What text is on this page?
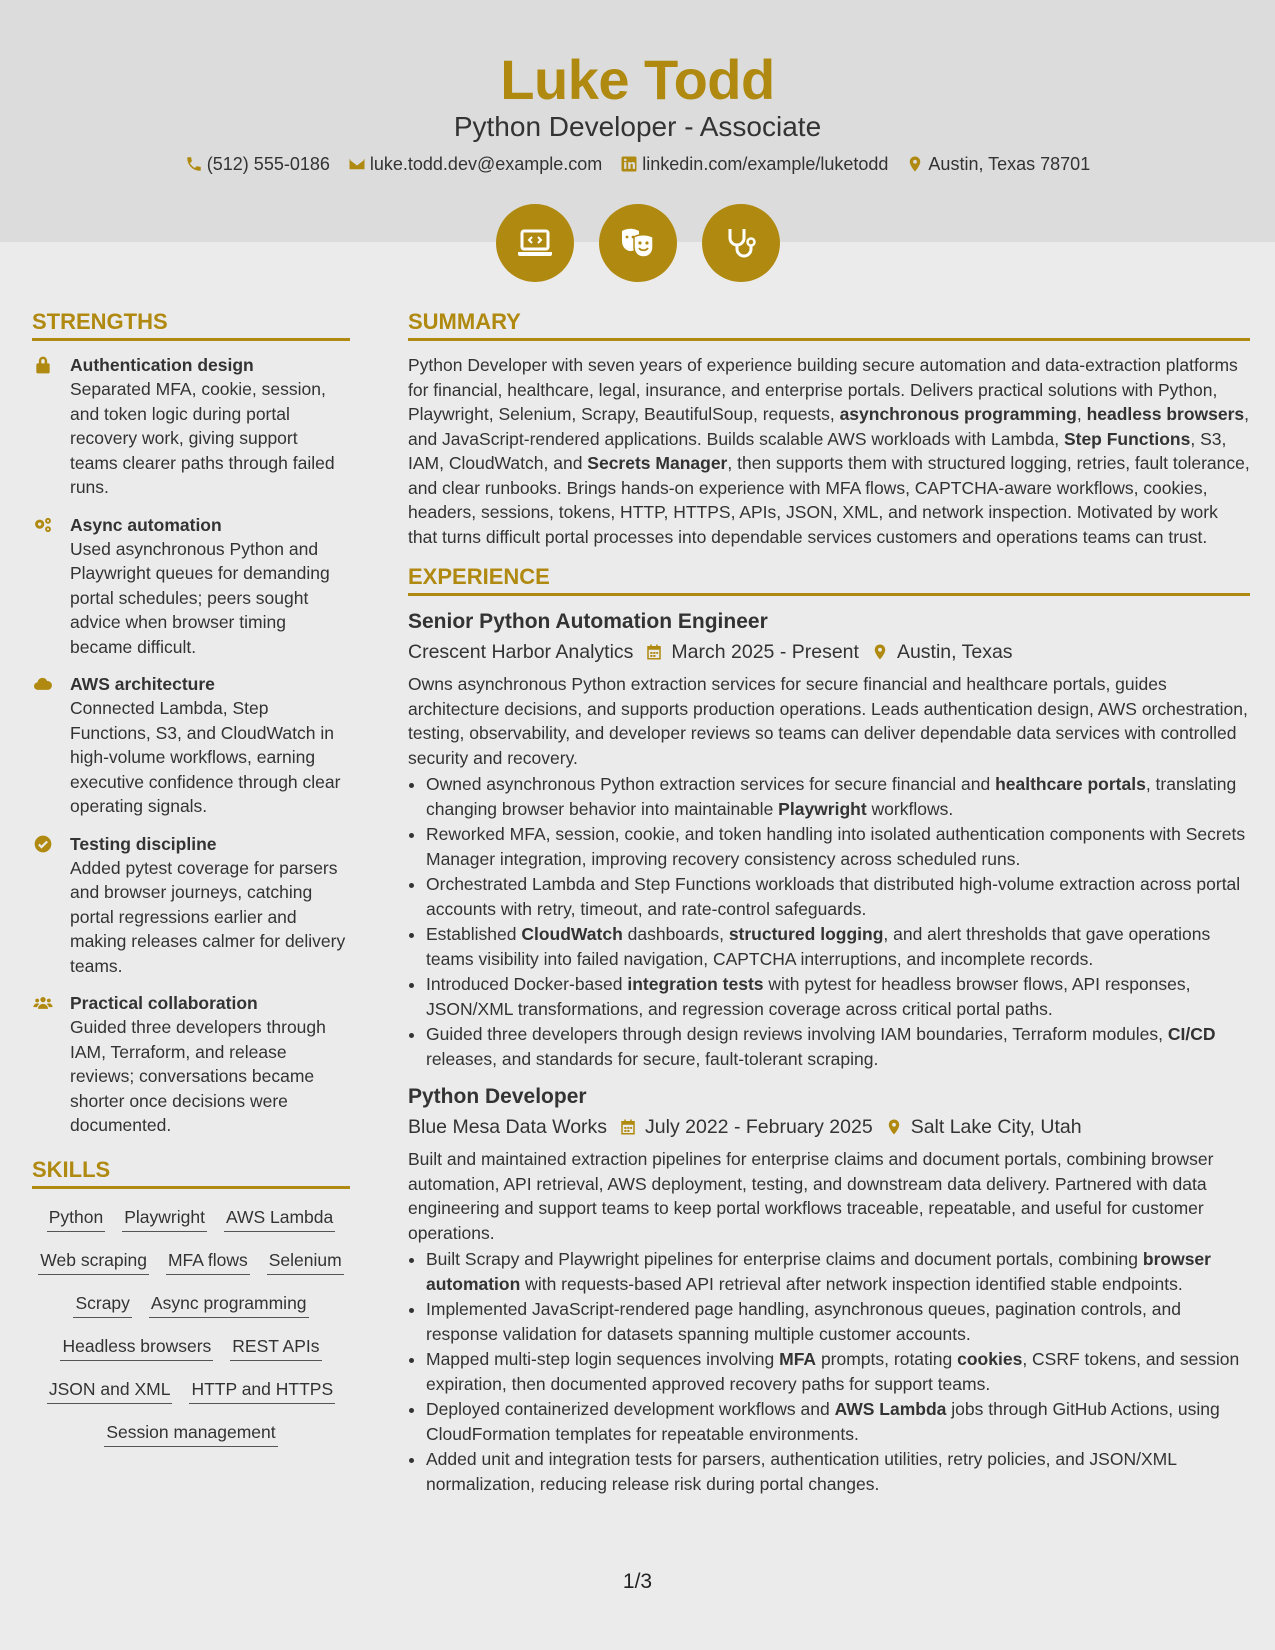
Luke Todd
Python Developer - Associate
(512) 555-0186 luke.todd.dev@example.com linkedin.com/example/luketodd Austin, Texas 78701
STRENGTHS
Authentication design
Separated MFA, cookie, session, and token logic during portal recovery work, giving support teams clearer paths through failed runs.
Async automation
Used asynchronous Python and Playwright queues for demanding portal schedules; peers sought advice when browser timing became difficult.
AWS architecture
Connected Lambda, Step Functions, S3, and CloudWatch in high-volume workflows, earning executive confidence through clear operating signals.
Testing discipline
Added pytest coverage for parsers and browser journeys, catching portal regressions earlier and making releases calmer for delivery teams.
Practical collaboration
Guided three developers through IAM, Terraform, and release reviews; conversations became shorter once decisions were documented.
SKILLS
Python Playwright AWS Lambda
Web scraping MFA flows Selenium
Scrapy Async programming
Headless browsers REST APIs
JSON and XML HTTP and HTTPS
Session management
SUMMARY

Python Developer with seven years of experience building secure automation and data-extraction platforms for financial, healthcare, legal, insurance, and enterprise portals. Delivers practical solutions with Python, Playwright, Selenium, Scrapy, BeautifulSoup, requests, asynchronous programming, headless browsers, and JavaScript-rendered applications. Builds scalable AWS workloads with Lambda, Step Functions, S3, IAM, CloudWatch, and Secrets Manager, then supports them with structured logging, retries, fault tolerance, and clear runbooks. Brings hands-on experience with MFA flows, CAPTCHA-aware workflows, cookies, headers, sessions, tokens, HTTP, HTTPS, APIs, JSON, XML, and network inspection. Motivated by work that turns difficult portal processes into dependable services customers and operations teams can trust.

EXPERIENCE
Senior Python Automation Engineer
Crescent Harbor Analytics March 2025 - Present Austin, Texas

Owns asynchronous Python extraction services for secure financial and healthcare portals, guides architecture decisions, and supports production operations. Leads authentication design, AWS orchestration, testing, observability, and developer reviews so teams can deliver dependable data services with controlled security and recovery.

• Owned asynchronous Python extraction services for secure financial and healthcare portals, translating changing browser behavior into maintainable Playwright workflows.
• Reworked MFA, session, cookie, and token handling into isolated authentication components with Secrets Manager integration, improving recovery consistency across scheduled runs.
• Orchestrated Lambda and Step Functions workloads that distributed high-volume extraction across portal accounts with retry, timeout, and rate-control safeguards.
• Established CloudWatch dashboards, structured logging, and alert thresholds that gave operations teams visibility into failed navigation, CAPTCHA interruptions, and incomplete records.
• Introduced Docker-based integration tests with pytest for headless browser flows, API responses, JSON/XML transformations, and regression coverage across critical portal paths.
• Guided three developers through design reviews involving IAM boundaries, Terraform modules, CI/CD releases, and standards for secure, fault-tolerant scraping.
Python Developer
Blue Mesa Data Works July 2022 - February 2025 Salt Lake City, Utah

Built and maintained extraction pipelines for enterprise claims and document portals, combining browser automation, API retrieval, AWS deployment, testing, and downstream data delivery. Partnered with data engineering and support teams to keep portal workflows traceable, repeatable, and useful for customer operations.

• Built Scrapy and Playwright pipelines for enterprise claims and document portals, combining browser automation with requests-based API retrieval after network inspection identified stable endpoints.
• Implemented JavaScript-rendered page handling, asynchronous queues, pagination controls, and response validation for datasets spanning multiple customer accounts.
• Mapped multi-step login sequences involving MFA prompts, rotating cookies, CSRF tokens, and session expiration, then documented approved recovery paths for support teams.
• Deployed containerized development workflows and AWS Lambda jobs through GitHub Actions, using CloudFormation templates for repeatable environments.
• Added unit and integration tests for parsers, authentication utilities, retry policies, and JSON/XML normalization, reducing release risk during portal changes.
1/3
